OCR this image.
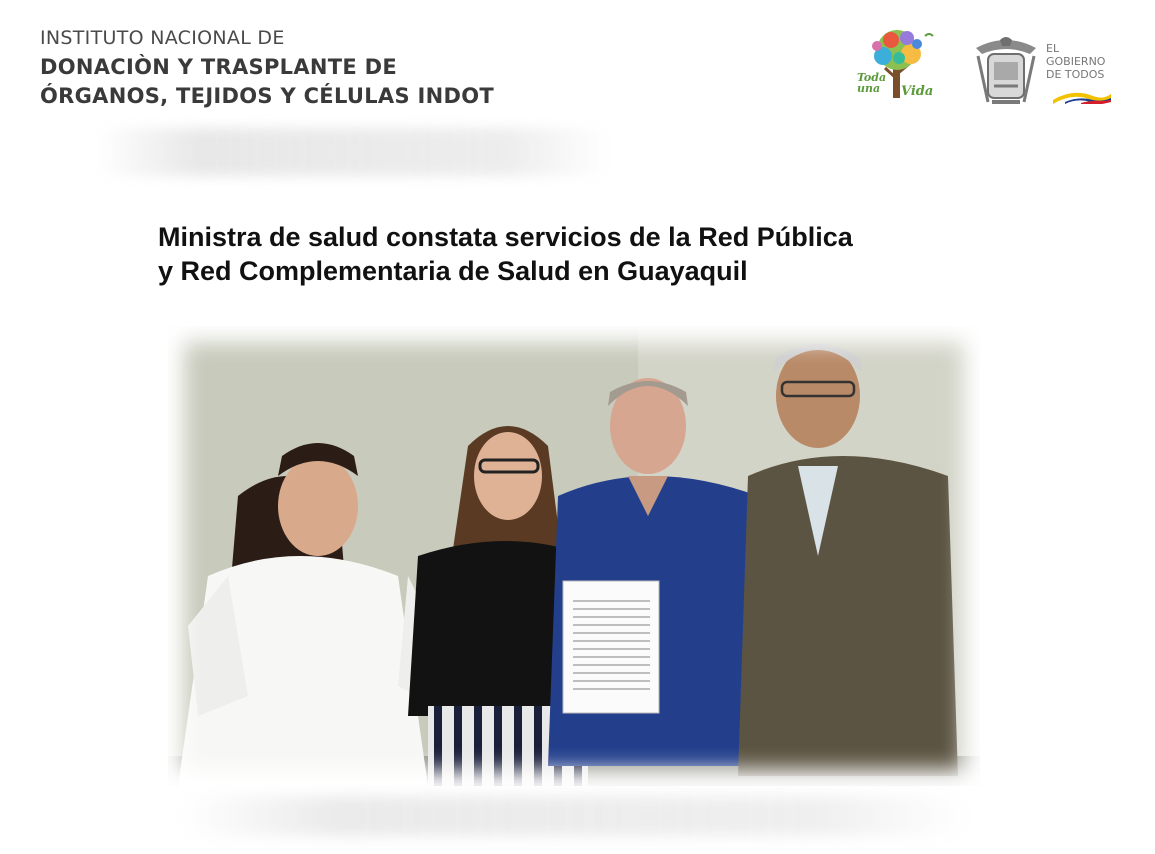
INSTITUTO NACIONAL DE
DONACIÒN Y TRASPLANTE DE
ÓRGANOS, TEJIDOS Y CÉLULAS INDOT
Toda
una	Vida
EL
GOBIERNO
DE TODOS
Ministra de salud constata servicios de la Red Pública
y Red Complementaria de Salud en Guayaquil
